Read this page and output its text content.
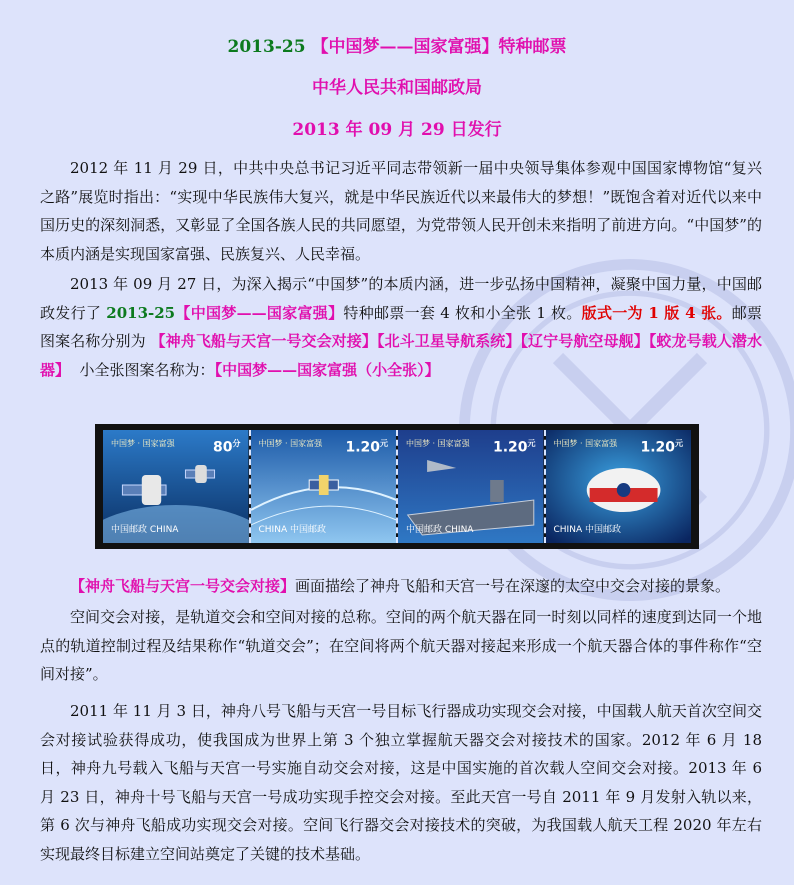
2013-25 【中国梦——国家富强】特种邮票
中华人民共和国邮政局
2013 年 09 月 29 日发行

2012 年 11 月 29 日，中共中央总书记习近平同志带领新一届中央领导集体参观中国国家博物馆“复兴之路”展览时指出：“实现中华民族伟大复兴，就是中华民族近代以来最伟大的梦想！”既饱含着对近代以来中国历史的深刻洞悉，又彰显了全国各族人民的共同愿望，为党带领人民开创未来指明了前进方向。“中国梦”的本质内涵是实现国家富强、民族复兴、人民幸福。

2013 年 09 月 27 日，为深入揭示“中国梦”的本质内涵，进一步弘扬中国精神，凝聚中国力量，中国邮政发行了 2013-25【中国梦——国家富强】特种邮票一套 4 枚和小全张 1 枚。版式一为 1 版 4 张。邮票图案名称分别为 【神舟飞船与天宫一号交会对接】【北斗卫星导航系统】【辽宁号航空母舰】【蛟龙号载人潜水器】  小全张图案名称为：【中国梦——国家富强（小全张）】

中国梦 · 国家富强	$80^分$
中国邮政 CHINA
中国梦 · 国家富强 $1.20^元$
CHINA 中国邮政
中国梦 · 国家富强 $1.20^元$
中国邮政 CHINA
中国梦 · 国家富强 $1.20^元$
CHINA 中国邮政

【神舟飞船与天宫一号交会对接】画面描绘了神舟飞船和天宫一号在深邃的太空中交会对接的景象。

空间交会对接，是轨道交会和空间对接的总称。空间的两个航天器在同一时刻以同样的速度到达同一个地点的轨道控制过程及结果称作“轨道交会”；在空间将两个航天器对接起来形成一个航天器合体的事件称作“空间对接”。

2011 年 11 月 3 日，神舟八号飞船与天宫一号目标飞行器成功实现交会对接，中国载人航天首次空间交会对接试验获得成功，使我国成为世界上第 3 个独立掌握航天器交会对接技术的国家。2012 年 6 月 18 日，神舟九号载入飞船与天宫一号实施自动交会对接，这是中国实施的首次载人空间交会对接。2013 年 6 月 23 日，神舟十号飞船与天宫一号成功实现手控交会对接。至此天宫一号自 2011 年 9 月发射入轨以来，第 6 次与神舟飞船成功实现交会对接。空间飞行器交会对接技术的突破，为我国载人航天工程 2020 年左右实现最终目标建立空间站奠定了关键的技术基础。
